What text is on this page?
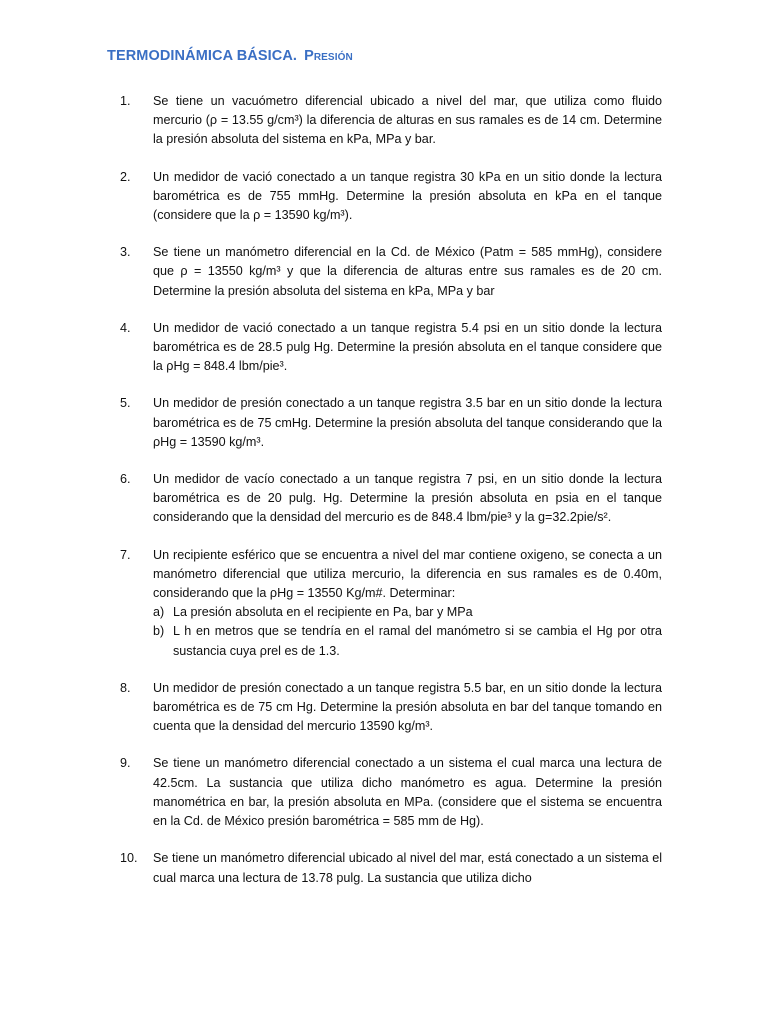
TERMODINÁMICA BÁSICA. Presión
1.	Se tiene un vacuómetro diferencial ubicado a nivel del mar, que utiliza como fluido mercurio (ρ = 13.55 g/cm³) la diferencia de alturas en sus ramales es de 14 cm. Determine la presión absoluta del sistema en kPa, MPa y bar.
2.	Un medidor de vació conectado a un tanque registra 30 kPa en un sitio donde la lectura barométrica es de 755 mmHg. Determine la presión absoluta en kPa en el tanque (considere que la ρ = 13590 kg/m³).
3.	Se tiene un manómetro diferencial en la Cd. de México (Patm = 585 mmHg), considere que ρ = 13550 kg/m³ y que la diferencia de alturas entre sus ramales es de 20 cm. Determine la presión absoluta del sistema en kPa, MPa y bar
4.	Un medidor de vació conectado a un tanque registra 5.4 psi en un sitio donde la lectura barométrica es de 28.5 pulg Hg. Determine la presión absoluta en el tanque considere que la ρHg = 848.4 lbm/pie³.
5.	Un medidor de presión conectado a un tanque registra 3.5 bar en un sitio donde la lectura barométrica es de 75 cmHg. Determine la presión absoluta del tanque considerando que la ρHg = 13590 kg/m³.
6.	Un medidor de vacío conectado a un tanque registra 7 psi, en un sitio donde la lectura barométrica es de 20 pulg. Hg. Determine la presión absoluta en psia en el tanque considerando que la densidad del mercurio es de 848.4 lbm/pie³ y la g=32.2pie/s².
7.	Un recipiente esférico que se encuentra a nivel del mar contiene oxigeno, se conecta a un manómetro diferencial que utiliza mercurio, la diferencia en sus ramales es de 0.40m, considerando que la ρHg = 13550 Kg/m#. Determinar:
a) La presión absoluta en el recipiente en Pa, bar y MPa
b) L h en metros que se tendría en el ramal del manómetro si se cambia el Hg por otra sustancia cuya ρrel es de 1.3.
8.	Un medidor de presión conectado a un tanque registra 5.5 bar, en un sitio donde la lectura barométrica es de 75 cm Hg. Determine la presión absoluta en bar del tanque tomando en cuenta que la densidad del mercurio 13590 kg/m³.
9.	Se tiene un manómetro diferencial conectado a un sistema el cual marca una lectura de 42.5cm. La sustancia que utiliza dicho manómetro es agua. Determine la presión manométrica en bar, la presión absoluta en MPa. (considere que el sistema se encuentra en la Cd. de México presión barométrica = 585 mm de Hg).
10.	Se tiene un manómetro diferencial ubicado al nivel del mar, está conectado a un sistema el cual marca una lectura de 13.78 pulg. La sustancia que utiliza dicho
